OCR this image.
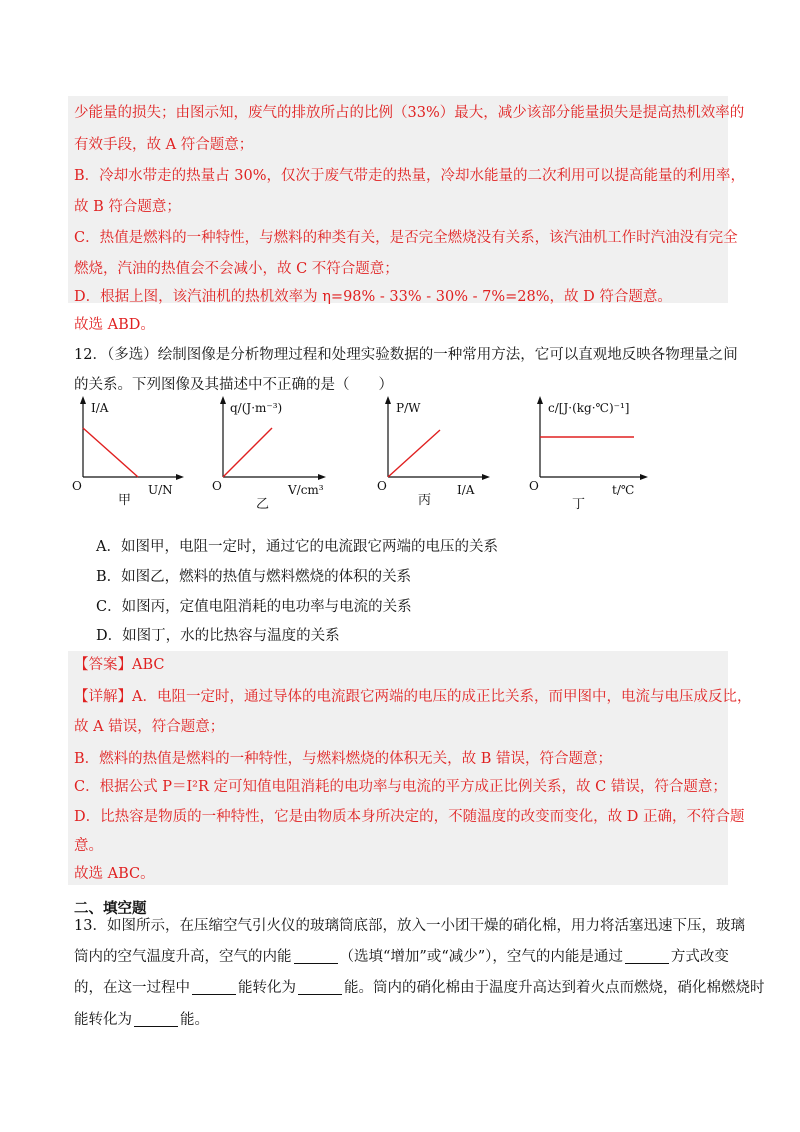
少能量的损失；由图示知，废气的排放所占的比例（33%）最大，减少该部分能量损失是提高热机效率的
有效手段，故 A 符合题意；
B．冷却水带走的热量占 30%，仅次于废气带走的热量，冷却水能量的二次利用可以提高能量的利用率，
故 B 符合题意；
C．热值是燃料的一种特性，与燃料的种类有关，是否完全燃烧没有关系，该汽油机工作时汽油没有完全
燃烧，汽油的热值会不会减小，故 C 不符合题意；
D．根据上图，该汽油机的热机效率为 η=98% - 33% - 30% - 7%=28%，故 D 符合题意。
故选 ABD。
12．（多选）绘制图像是分析物理过程和处理实验数据的一种常用方法，它可以直观地反映各物理量之间
的关系。下列图像及其描述中不正确的是（　　）
I/A
O	U/N
甲
q/(J·m⁻³)
O	V/cm³
乙
P/W
O	I/A
丙
c/[J·(kg·℃)⁻¹]
O	t/℃
丁
A．如图甲，电阻一定时，通过它的电流跟它两端的电压的关系
B．如图乙，燃料的热值与燃料燃烧的体积的关系
C．如图丙，定值电阻消耗的电功率与电流的关系
D．如图丁，水的比热容与温度的关系
【答案】ABC
【详解】A．电阻一定时，通过导体的电流跟它两端的电压的成正比关系，而甲图中，电流与电压成反比，
故 A 错误，符合题意；
B．燃料的热值是燃料的一种特性，与燃料燃烧的体积无关，故 B 错误，符合题意；
C．根据公式 P＝I²R 定可知值电阻消耗的电功率与电流的平方成正比例关系，故 C 错误，符合题意；
D．比热容是物质的一种特性，它是由物质本身所决定的，不随温度的改变而变化，故 D 正确，不符合题
意。
故选 ABC。
二、填空题
13．如图所示，在压缩空气引火仪的玻璃筒底部，放入一小团干燥的硝化棉，用力将活塞迅速下压，玻璃
筒内的空气温度升高，空气的内能	（选填“增加”或“减少”），空气的内能是通过	方式改变
的，在这一过程中	能转化为	能。筒内的硝化棉由于温度升高达到着火点而燃烧，硝化棉燃烧时
能转化为	能。
